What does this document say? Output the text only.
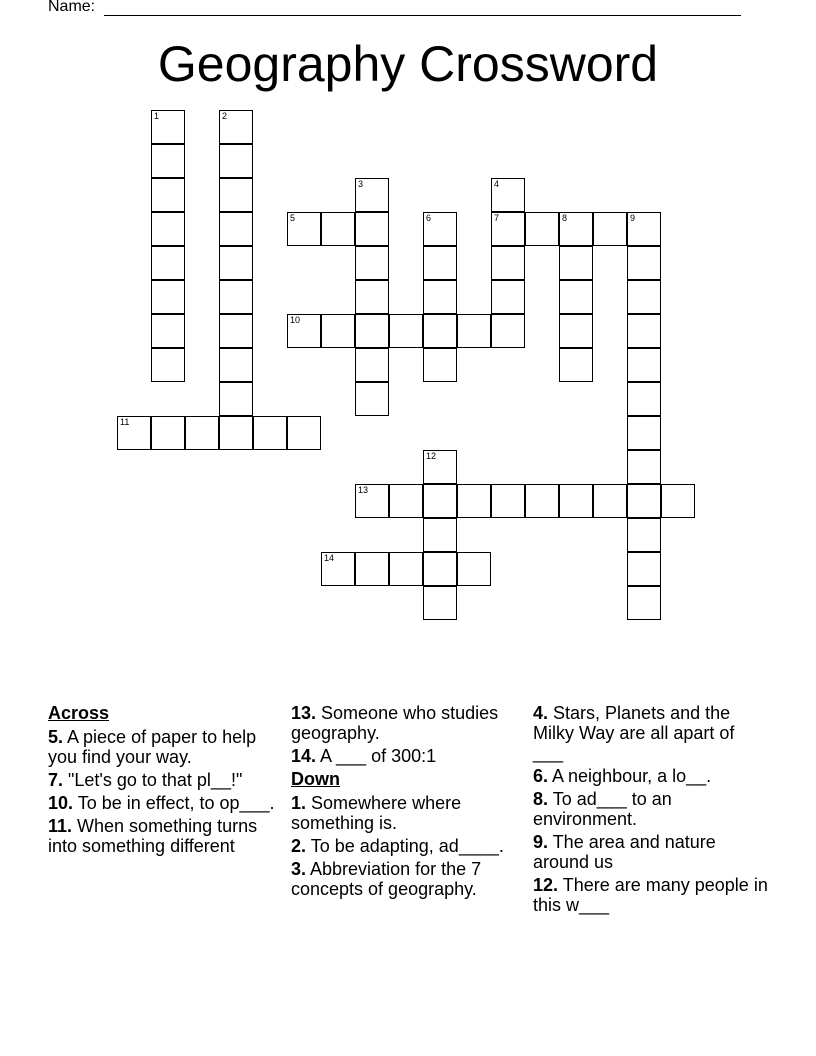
Name:
Geography Crossword
1	2
3	4
7
5	6	8	9
10
11
12
13
14
Across
5. A piece of paper to help you find your way.
7. "Let's go to that pl__!"
10. To be in effect, to op___.
11. When something turns into something different
13. Someone who studies geography.
14. A ___ of 300:1
Down
1. Somewhere where something is.
2. To be adapting, ad____.
3. Abbreviation for the 7 concepts of geography.
4. Stars, Planets and the Milky Way are all apart of ___
6. A neighbour, a lo__.
8. To ad___ to an environment.
9. The area and nature around us
12. There are many people in this w___
